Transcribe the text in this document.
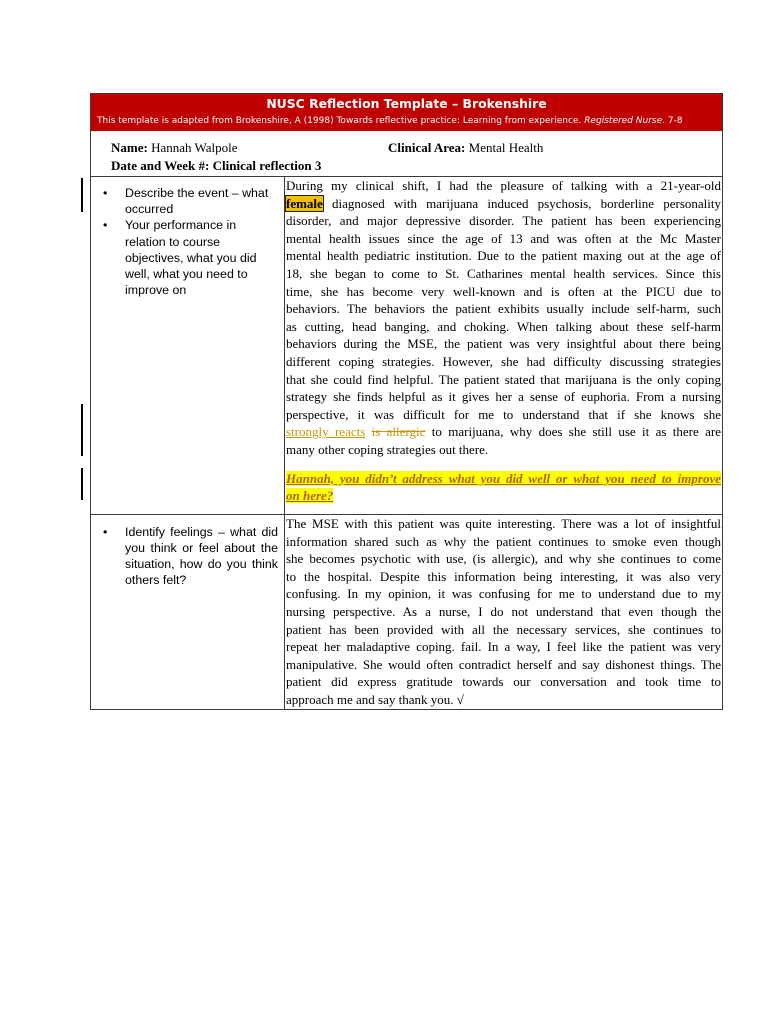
NUSC Reflection Template – Brokenshire
This template is adapted from Brokenshire, A (1998) Towards reflective practice: Learning from experience. Registered Nurse. 7-8
Name: Hannah Walpole	Clinical Area: Mental Health
Date and Week #: Clinical reflection 3
• Describe the event – what
occurred
• Your performance in
relation to course
objectives, what you did
well, what you need to
improve on
During my clinical shift, I had the pleasure of talking with a 21-year-old
female diagnosed with marijuana induced psychosis, borderline personality
disorder, and major depressive disorder. The patient has been experiencing
mental health issues since the age of 13 and was often at the Mc Master
mental health pediatric institution. Due to the patient maxing out at the age of
18, she began to come to St. Catharines mental health services. Since this
time, she has become very well-known and is often at the PICU due to
behaviors. The behaviors the patient exhibits usually include self-harm, such
as cutting, head banging, and choking. When talking about these self-harm
behaviors during the MSE, the patient was very insightful about there being
different coping strategies. However, she had difficulty discussing strategies
that she could find helpful. The patient stated that marijuana is the only coping
strategy she finds helpful as it gives her a sense of euphoria. From a nursing
perspective, it was difficult for me to understand that if she knows she
strongly reacts is allergic to marijuana, why does she still use it as there are
many other coping strategies out there.
Hannah, you didn’t address what you did well or what you need to improve
on here?
• Identify feelings – what did
you think or feel about the
situation, how do you think
others felt?
The MSE with this patient was quite interesting. There was a lot of insightful
information shared such as why the patient continues to smoke even though
she becomes psychotic with use, (is allergic), and why she continues to come
to the hospital. Despite this information being interesting, it was also very
confusing. In my opinion, it was confusing for me to understand due to my
nursing perspective. As a nurse, I do not understand that even though the
patient has been provided with all the necessary services, she continues to
repeat her maladaptive coping. fail. In a way, I feel like the patient was very
manipulative. She would often contradict herself and say dishonest things. The
patient did express gratitude towards our conversation and took time to
approach me and say thank you. √
